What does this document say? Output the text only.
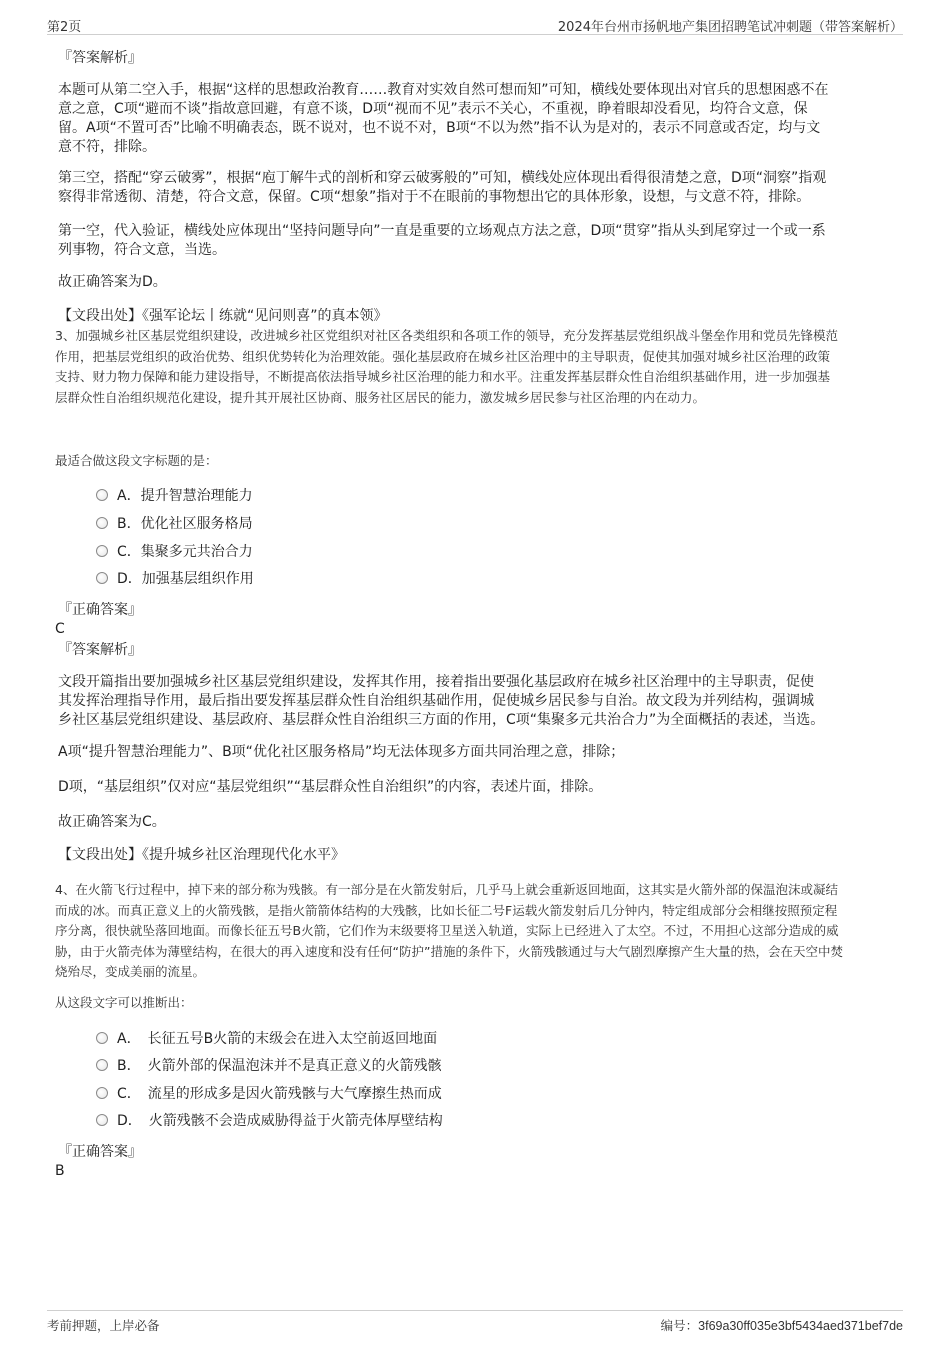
第2页	2024年台州市扬帆地产集团招聘笔试冲刺题（带答案解析）
『答案解析』
本题可从第二空入手，根据“这样的思想政治教育……教育对实效自然可想而知”可知，横线处要体现出对官兵的思想困惑不在
意之意，C项“避而不谈”指故意回避，有意不谈，D项“视而不见”表示不关心，不重视，睁着眼却没看见，均符合文意，保
留。A项“不置可否”比喻不明确表态，既不说对，也不说不对，B项“不以为然”指不认为是对的，表示不同意或否定，均与文
意不符，排除。
第三空，搭配“穿云破雾”，根据“庖丁解牛式的剖析和穿云破雾般的”可知，横线处应体现出看得很清楚之意，D项“洞察”指观
察得非常透彻、清楚，符合文意，保留。C项“想象”指对于不在眼前的事物想出它的具体形象，设想，与文意不符，排除。
第一空，代入验证，横线处应体现出“坚持问题导向”一直是重要的立场观点方法之意，D项“贯穿”指从头到尾穿过一个或一系
列事物，符合文意，当选。
故正确答案为D。
【文段出处】《强军论坛丨练就“见问则喜”的真本领》
3、加强城乡社区基层党组织建设，改进城乡社区党组织对社区各类组织和各项工作的领导，充分发挥基层党组织战斗堡垒作用和党员先锋模范
作用，把基层党组织的政治优势、组织优势转化为治理效能。强化基层政府在城乡社区治理中的主导职责，促使其加强对城乡社区治理的政策
支持、财力物力保障和能力建设指导，不断提高依法指导城乡社区治理的能力和水平。注重发挥基层群众性自治组织基础作用，进一步加强基
层群众性自治组织规范化建设，提升其开展社区协商、服务社区居民的能力，激发城乡居民参与社区治理的内在动力。
最适合做这段文字标题的是：
A．提升智慧治理能力
B．优化社区服务格局
C．集聚多元共治合力
D．加强基层组织作用
『正确答案』
C
『答案解析』
文段开篇指出要加强城乡社区基层党组织建设，发挥其作用，接着指出要强化基层政府在城乡社区治理中的主导职责，促使
其发挥治理指导作用，最后指出要发挥基层群众性自治组织基础作用，促使城乡居民参与自治。故文段为并列结构，强调城
乡社区基层党组织建设、基层政府、基层群众性自治组织三方面的作用，C项“集聚多元共治合力”为全面概括的表述，当选。
A项“提升智慧治理能力”、B项“优化社区服务格局”均无法体现多方面共同治理之意，排除；
D项，“基层组织”仅对应“基层党组织”“基层群众性自治组织”的内容，表述片面，排除。
故正确答案为C。
【文段出处】《提升城乡社区治理现代化水平》
4、在火箭飞行过程中，掉下来的部分称为残骸。有一部分是在火箭发射后，几乎马上就会重新返回地面，这其实是火箭外部的保温泡沫或凝结
而成的冰。而真正意义上的火箭残骸，是指火箭箭体结构的大残骸，比如长征二号F运载火箭发射后几分钟内，特定组成部分会相继按照预定程
序分离，很快就坠落回地面。而像长征五号B火箭，它们作为末级要将卫星送入轨道，实际上已经进入了太空。不过，不用担心这部分造成的威
胁，由于火箭壳体为薄壁结构，在很大的再入速度和没有任何“防护”措施的条件下，火箭残骸通过与大气剧烈摩擦产生大量的热，会在天空中焚
烧殆尽，变成美丽的流星。
从这段文字可以推断出：
A．　长征五号B火箭的末级会在进入太空前返回地面
B．　火箭外部的保温泡沫并不是真正意义的火箭残骸
C．　流星的形成多是因火箭残骸与大气摩擦生热而成
D．　火箭残骸不会造成威胁得益于火箭壳体厚壁结构
『正确答案』
B
考前押题，上岸必备	编号：3f69a30ff035e3bf5434aed371bef7de
